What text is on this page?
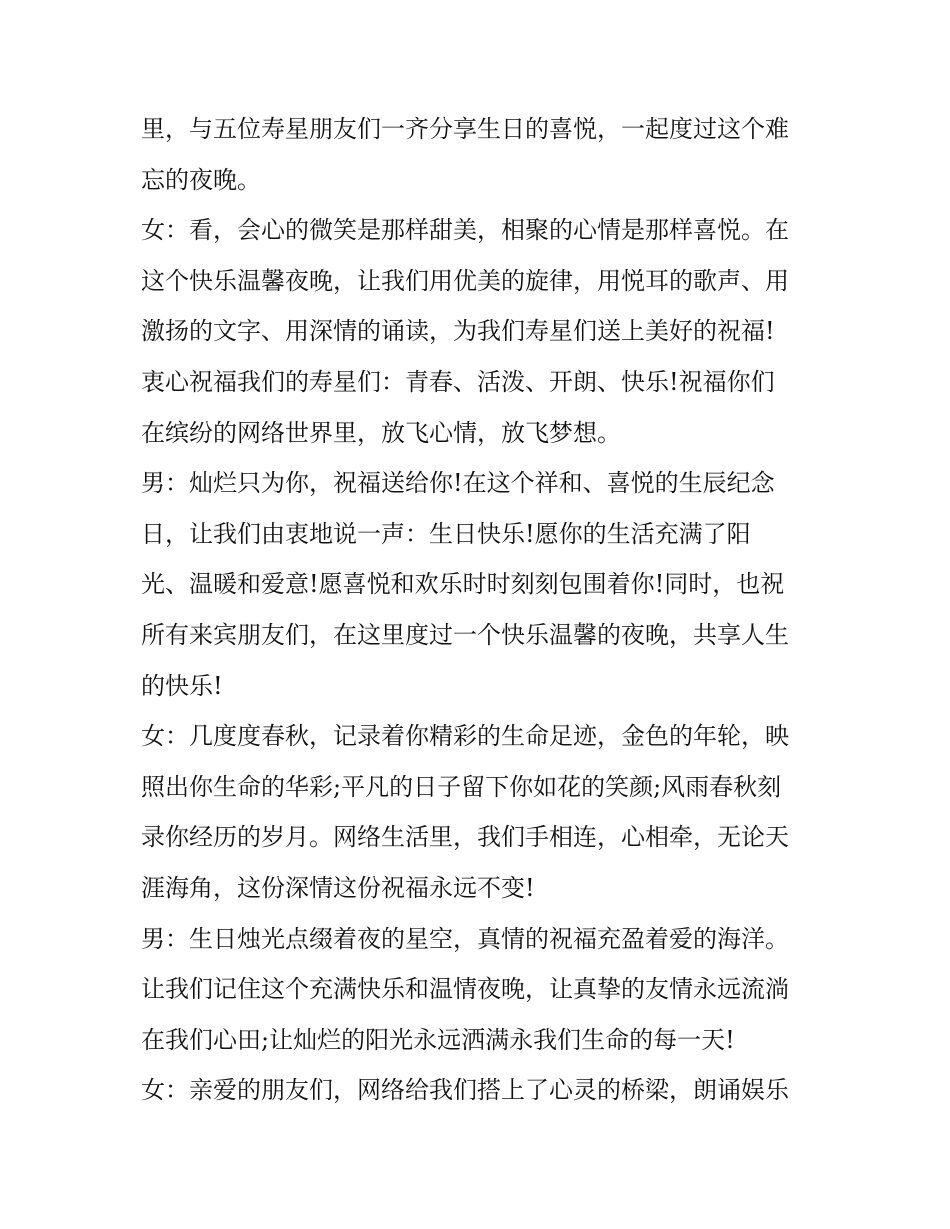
里，与五位寿星朋友们一齐分享生日的喜悦，一起度过这个难
忘的夜晚。
女：看，会心的微笑是那样甜美，相聚的心情是那样喜悦。在
这个快乐温馨夜晚，让我们用优美的旋律，用悦耳的歌声、用
激扬的文字、用深情的诵读，为我们寿星们送上美好的祝福!
衷心祝福我们的寿星们：青春、活泼、开朗、快乐!祝福你们
在缤纷的网络世界里，放飞心情，放飞梦想。
男：灿烂只为你，祝福送给你!在这个祥和、喜悦的生辰纪念
日，让我们由衷地说一声：生日快乐!愿你的生活充满了阳
光、温暖和爱意!愿喜悦和欢乐时时刻刻包围着你!同时，也祝
所有来宾朋友们，在这里度过一个快乐温馨的夜晚，共享人生
的快乐!
女：几度度春秋，记录着你精彩的生命足迹，金色的年轮，映
照出你生命的华彩;平凡的日子留下你如花的笑颜;风雨春秋刻
录你经历的岁月。网络生活里，我们手相连，心相牵，无论天
涯海角，这份深情这份祝福永远不变!
男：生日烛光点缀着夜的星空，真情的祝福充盈着爱的海洋。
让我们记住这个充满快乐和温情夜晚，让真挚的友情永远流淌
在我们心田;让灿烂的阳光永远洒满永我们生命的每一天!
女：亲爱的朋友们，网络给我们搭上了心灵的桥梁，朗诵娱乐
